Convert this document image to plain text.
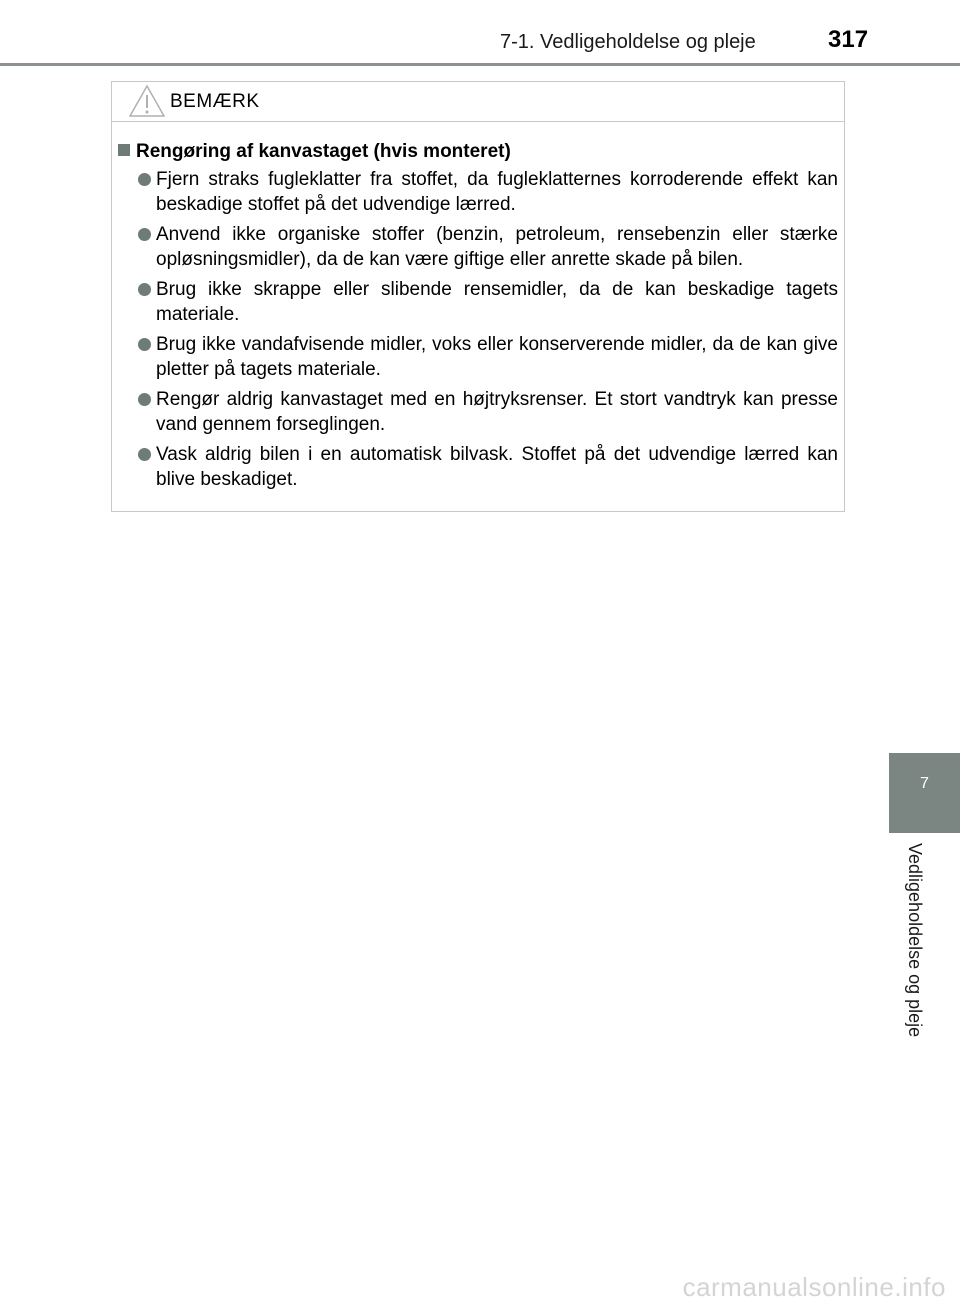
7-1. Vedligeholdelse og pleje	317
BEMÆRK
Rengøring af kanvastaget (hvis monteret)
Fjern straks fugleklatter fra stoffet, da fugleklatternes korroderende effekt kan beskadige stoffet på det udvendige lærred.
Anvend ikke organiske stoffer (benzin, petroleum, rensebenzin eller stærke opløsningsmidler), da de kan være giftige eller anrette skade på bilen.
Brug ikke skrappe eller slibende rensemidler, da de kan beskadige tagets materiale.
Brug ikke vandafvisende midler, voks eller konserverende midler, da de kan give pletter på tagets materiale.
Rengør aldrig kanvastaget med en højtryksrenser. Et stort vandtryk kan presse vand gennem forseglingen.
Vask aldrig bilen i en automatisk bilvask. Stoffet på det udvendige lærred kan blive beskadiget.
7
Vedligeholdelse og pleje
carmanualsonline.info
